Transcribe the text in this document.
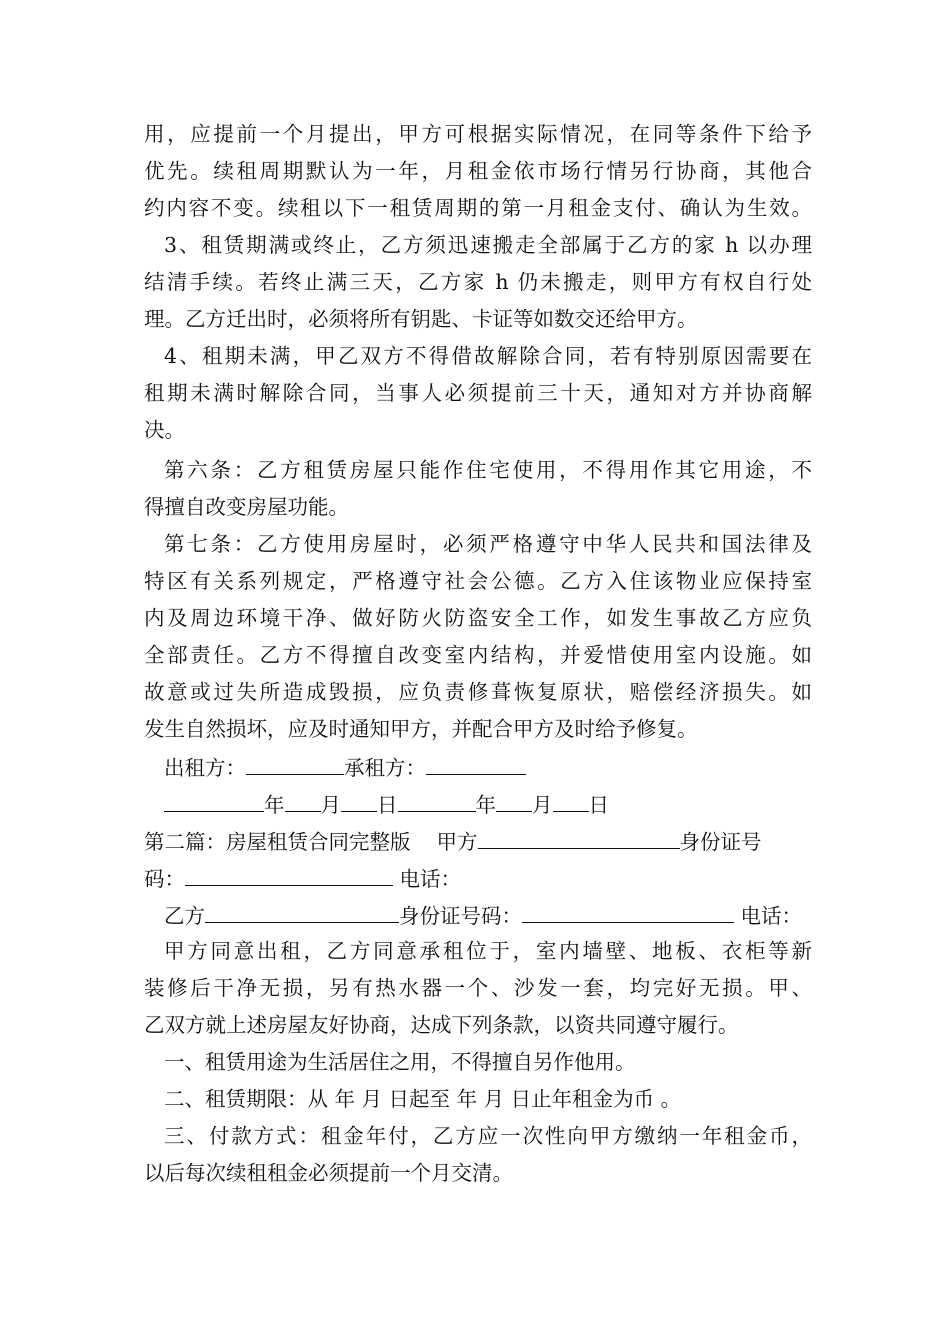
用，应提前一个月提出，甲方可根据实际情况，在同等条件下给予
优先。续租周期默认为一年，月租金依市场行情另行协商，其他合
约内容不变。续租以下一租赁周期的第一月租金支付、确认为生效。
3、租赁期满或终止，乙方须迅速搬走全部属于乙方的家 h 以办理
结清手续。若终止满三天，乙方家 h 仍未搬走，则甲方有权自行处
理。乙方迁出时，必须将所有钥匙、卡证等如数交还给甲方。
4、租期未满，甲乙双方不得借故解除合同，若有特别原因需要在
租期未满时解除合同，当事人必须提前三十天，通知对方并协商解
决。
第六条：乙方租赁房屋只能作住宅使用，不得用作其它用途，不
得擅自改变房屋功能。
第七条：乙方使用房屋时，必须严格遵守中华人民共和国法律及
特区有关系列规定，严格遵守社会公德。乙方入住该物业应保持室
内及周边环境干净、做好防火防盗安全工作，如发生事故乙方应负
全部责任。乙方不得擅自改变室内结构，并爱惜使用室内设施。如
故意或过失所造成毁损，应负责修葺恢复原状，赔偿经济损失。如
发生自然损坏，应及时通知甲方，并配合甲方及时给予修复。
出租方：	承租方：
年 月 日	年 月 日
第二篇：房屋租赁合同完整版 甲方	身份证号
码：	电话：
乙方	身份证号码：	电话：
甲方同意出租，乙方同意承租位于，室内墙壁、地板、衣柜等新
装修后干净无损，另有热水器一个、沙发一套，均完好无损。甲、
乙双方就上述房屋友好协商，达成下列条款，以资共同遵守履行。
一、租赁用途为生活居住之用，不得擅自另作他用。
二、租赁期限：从 年 月 日起至 年 月 日止年租金为币 。
三、付款方式：租金年付，乙方应一次性向甲方缴纳一年租金币，
以后每次续租租金必须提前一个月交清。
